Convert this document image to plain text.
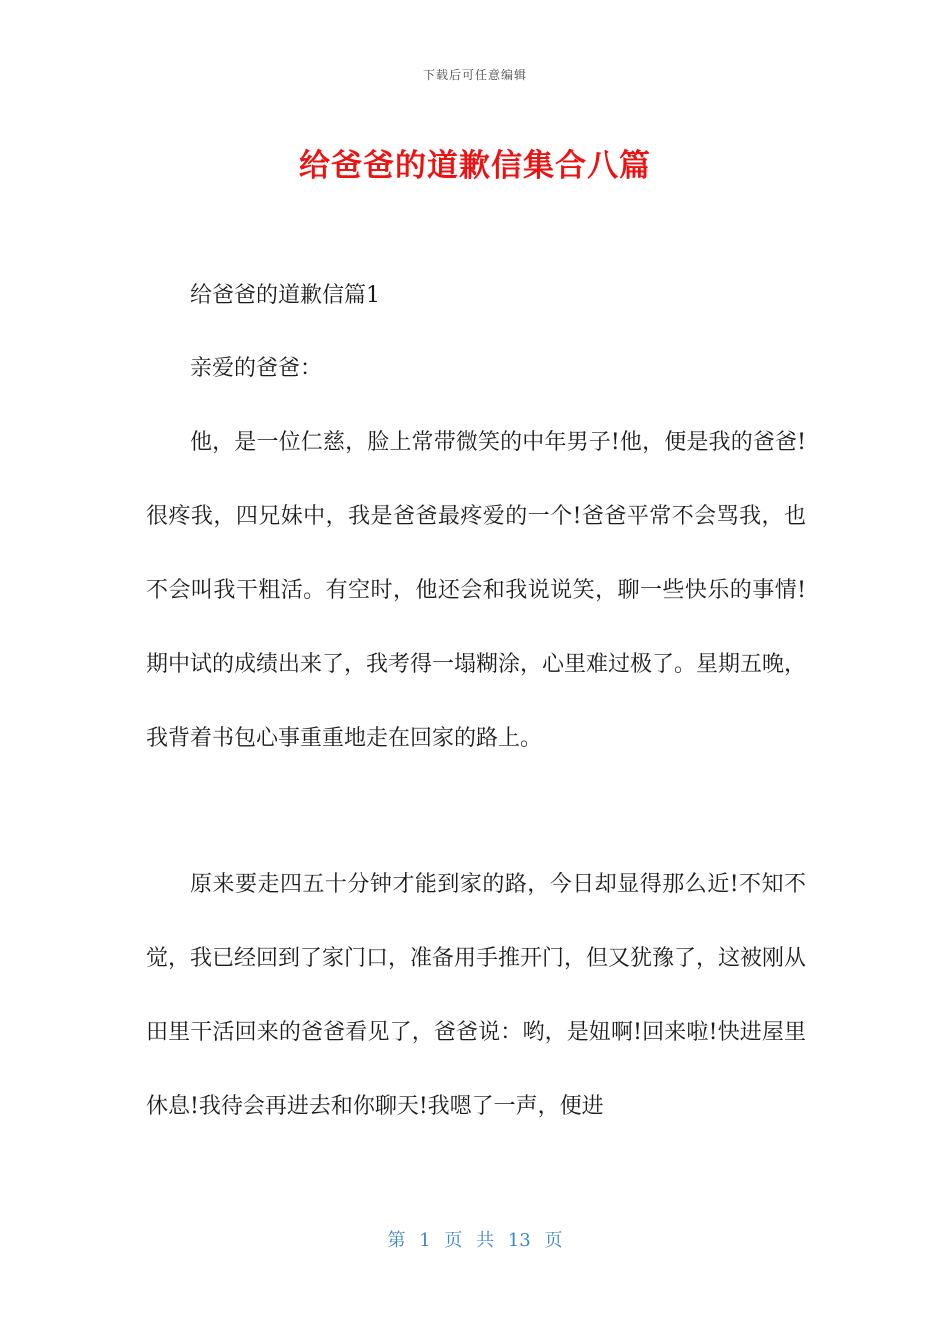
下载后可任意编辑
给爸爸的道歉信集合八篇

给爸爸的道歉信篇1

亲爱的爸爸：

他，是一位仁慈，脸上常带微笑的中年男子!他，便是我的爸爸!很疼我，四兄妹中，我是爸爸最疼爱的一个!爸爸平常不会骂我，也不会叫我干粗活。有空时，他还会和我说说笑，聊一些快乐的事情!期中试的成绩出来了，我考得一塌糊涂，心里难过极了。星期五晚，我背着书包心事重重地走在回家的路上。

原来要走四五十分钟才能到家的路，今日却显得那么近!不知不觉，我已经回到了家门口，准备用手推开门，但又犹豫了，这被刚从田里干活回来的爸爸看见了，爸爸说：哟，是妞啊!回来啦!快进屋里休息!我待会再进去和你聊天!我嗯了一声，便进

第 1 页 共 13 页
